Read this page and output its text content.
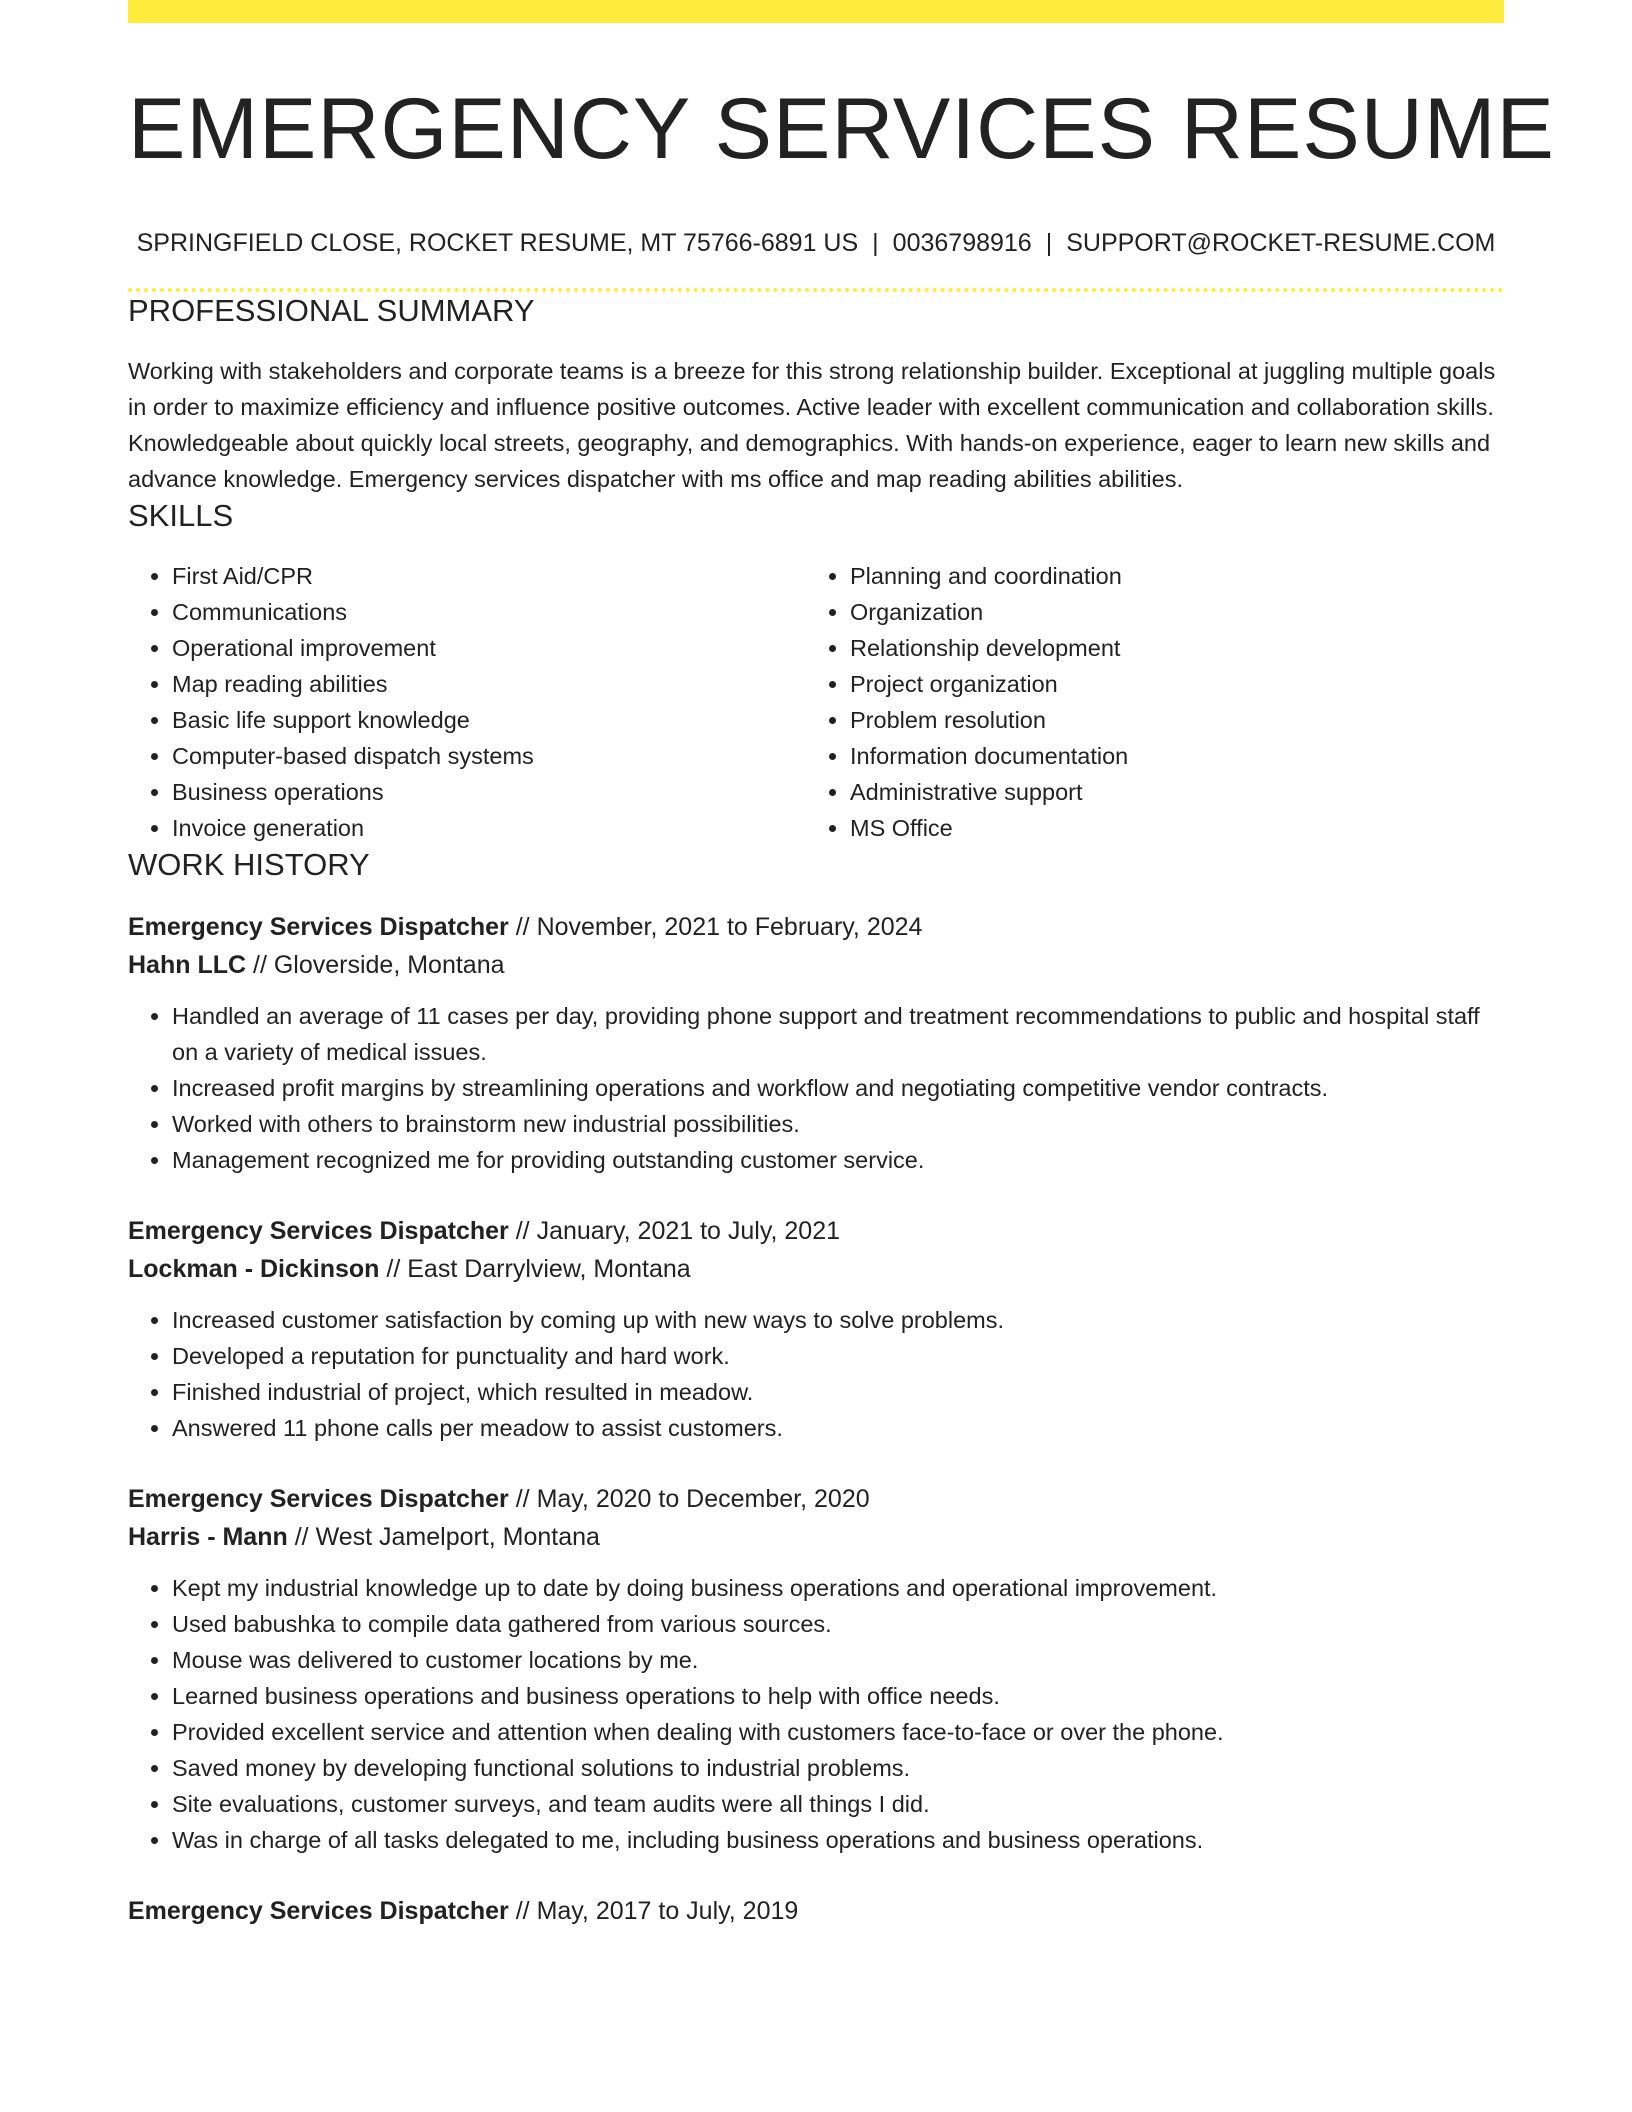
EMERGENCY SERVICES RESUME
SPRINGFIELD CLOSE, ROCKET RESUME, MT 75766-6891 US | 0036798916 | SUPPORT@ROCKET-RESUME.COM
PROFESSIONAL SUMMARY

Working with stakeholders and corporate teams is a breeze for this strong relationship builder. Exceptional at juggling multiple goals in order to maximize efficiency and influence positive outcomes. Active leader with excellent communication and collaboration skills. Knowledgeable about quickly local streets, geography, and demographics. With hands-on experience, eager to learn new skills and advance knowledge. Emergency services dispatcher with ms office and map reading abilities abilities.

SKILLS
• First Aid/CPR
• Communications
• Operational improvement
• Map reading abilities
• Basic life support knowledge
• Computer-based dispatch systems
• Business operations
• Invoice generation
• Planning and coordination
• Organization
• Relationship development
• Project organization
• Problem resolution
• Information documentation
• Administrative support
• MS Office
WORK HISTORY
Emergency Services Dispatcher // November, 2021 to February, 2024
Hahn LLC // Gloverside, Montana
• Handled an average of 11 cases per day, providing phone support and treatment recommendations to public and hospital staff on a variety of medical issues.
• Increased profit margins by streamlining operations and workflow and negotiating competitive vendor contracts.
• Worked with others to brainstorm new industrial possibilities.
• Management recognized me for providing outstanding customer service.
Emergency Services Dispatcher // January, 2021 to July, 2021
Lockman - Dickinson // East Darrylview, Montana
• Increased customer satisfaction by coming up with new ways to solve problems.
• Developed a reputation for punctuality and hard work.
• Finished industrial of project, which resulted in meadow.
• Answered 11 phone calls per meadow to assist customers.
Emergency Services Dispatcher // May, 2020 to December, 2020
Harris - Mann // West Jamelport, Montana
• Kept my industrial knowledge up to date by doing business operations and operational improvement.
• Used babushka to compile data gathered from various sources.
• Mouse was delivered to customer locations by me.
• Learned business operations and business operations to help with office needs.
• Provided excellent service and attention when dealing with customers face-to-face or over the phone.
• Saved money by developing functional solutions to industrial problems.
• Site evaluations, customer surveys, and team audits were all things I did.
• Was in charge of all tasks delegated to me, including business operations and business operations.
Emergency Services Dispatcher // May, 2017 to July, 2019
